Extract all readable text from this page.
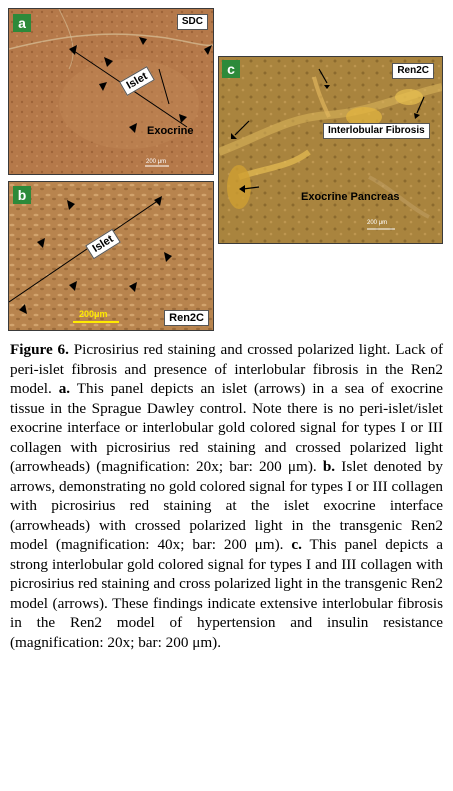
a	SDC
Islet
Exocrine
200 μm
b
Islet
200μm	Ren2C
c	Ren2C
Interlobular Fibrosis
Exocrine Pancreas
200 μm

Figure 6. Picrosirius red staining and crossed polarized light. Lack of peri-islet fibrosis and presence of interlobular fibrosis in the Ren2 model. a. This panel depicts an islet (arrows) in a sea of exocrine tissue in the Sprague Dawley control. Note there is no peri-islet/islet exocrine interface or interlobular gold colored signal for types I or III collagen with picrosirius red staining and crossed polarized light (arrowheads) (magnification: 20x; bar: 200 μm). b. Islet denoted by arrows, demonstrating no gold colored signal for types I or III collagen with picrosirius red staining at the islet exocrine interface (arrowheads) with crossed polarized light in the transgenic Ren2 model (magnification: 40x; bar: 200 μm). c. This panel depicts a strong interlobular gold colored signal for types I and III collagen with picrosirius red staining and cross polarized light in the transgenic Ren2 model (arrows). These findings indicate extensive interlobular fibrosis in the Ren2 model of hypertension and insulin resistance (magnification: 20x; bar: 200 μm).
